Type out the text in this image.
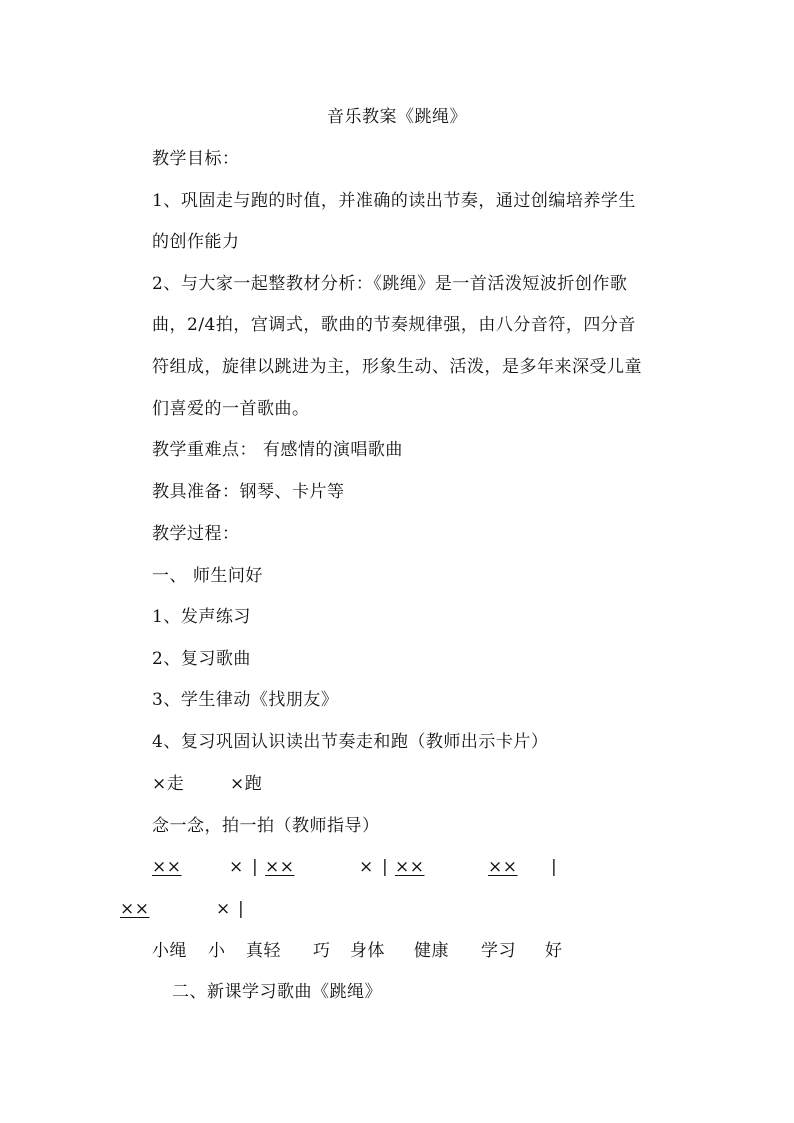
音乐教案《跳绳》
教学目标：
1、巩固走与跑的时值，并准确的读出节奏，通过创编培养学生
的创作能力
2、与大家一起整教材分析：《跳绳》是一首活泼短波折创作歌
曲，2/4拍，宫调式，歌曲的节奏规律强，由八分音符，四分音
符组成，旋律以跳进为主，形象生动、活泼，是多年来深受儿童
们喜爱的一首歌曲。
教学重难点： 有感情的演唱歌曲
教具准备：钢琴、卡片等
教学过程：
一、 师生问好
1、发声练习
2、复习歌曲
3、学生律动《找朋友》
4、复习巩固认识读出节奏走和跑（教师出示卡片）
×走	×跑
念一念，拍一拍（教师指导）
××	× | ××	× | ××	×× |
××	× |
小绳 小 真轻 巧 身体 健康 学习 好
二、新课学习歌曲《跳绳》
